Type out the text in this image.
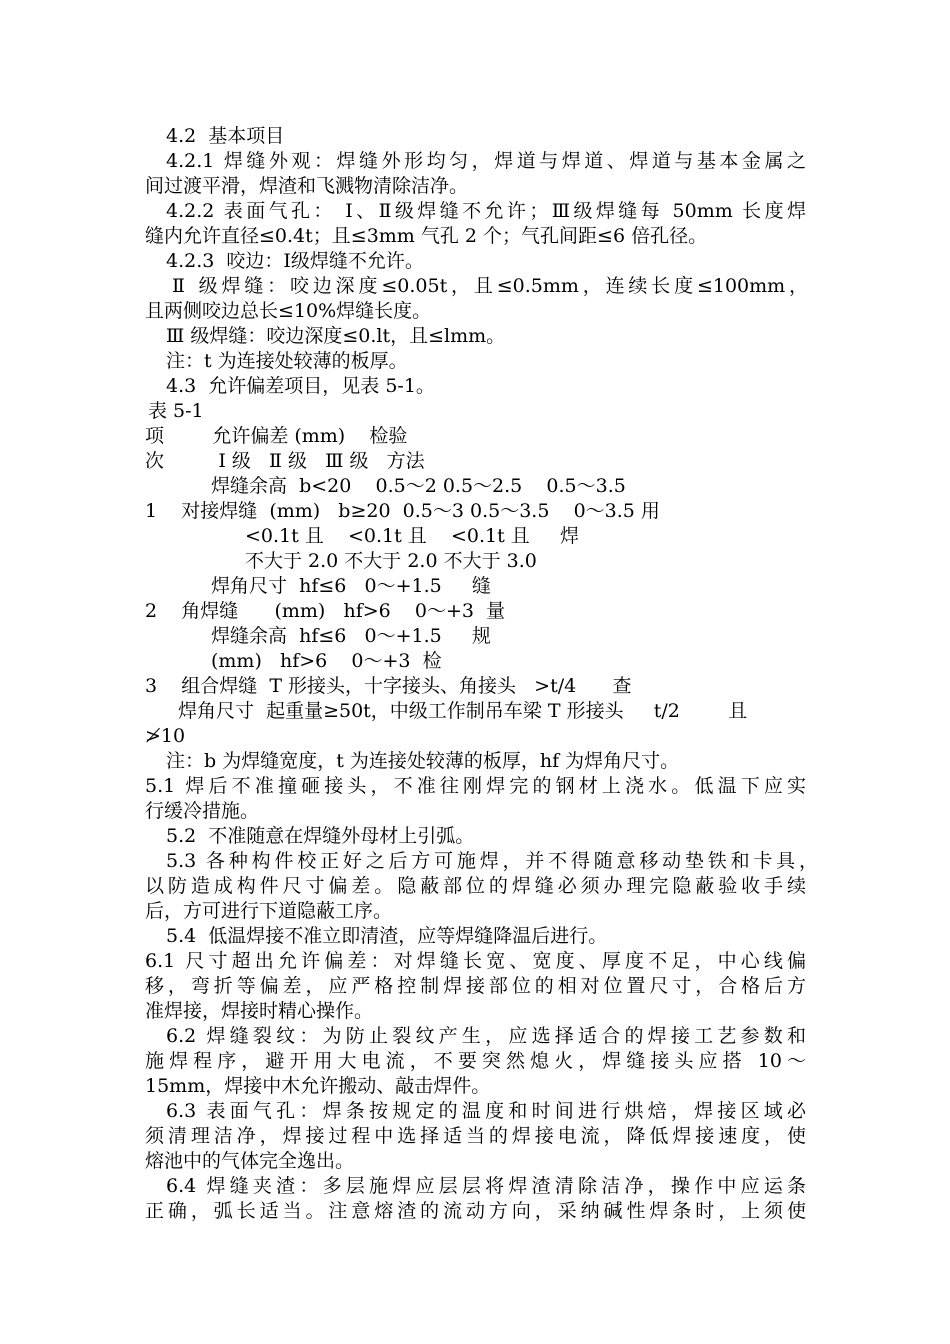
4.2  基本项目

4.2.1 焊缝外观：焊缝外形均匀，焊道与焊道、焊道与基本金属之

间过渡平滑，焊渣和飞溅物清除洁净。

4.2.2 表面气孔： Ⅰ、Ⅱ级焊缝不允许；Ⅲ级焊缝每 50mm 长度焊

缝内允许直径≤0.4t；且≤3mm 气孔 2 个；气孔间距≤6 倍孔径。

4.2.3  咬边：Ⅰ级焊缝不允许。

Ⅱ 级焊缝：咬边深度≤0.05t，且≤0.5mm，连续长度≤100mm，

且两侧咬边总长≤10%焊缝长度。

Ⅲ 级焊缝：咬边深度≤0.lt，且≤lmm。

注：t 为连接处较薄的板厚。

4.3  允许偏差项目，见表 5-1。

表 5-1

项        允许偏差 (mm)    检验

次         Ⅰ 级   Ⅱ 级   Ⅲ 级   方法

焊缝余高  b<20    0.5～2 0.5～2.5    0.5～3.5

1    对接焊缝  (mm)   b≥20  0.5～3 0.5～3.5    0～3.5 用

<0.1t 且    <0.1t 且    <0.1t 且     焊

不大于 2.0 不大于 2.0 不大于 3.0

焊角尺寸  hf≤6   0～+1.5     缝

2    角焊缝      (mm)   hf>6    0～+3  量

焊缝余高  hf≤6   0～+1.5     规

(mm)   hf>6    0～+3  检

3    组合焊缝  T 形接头，十字接头、角接头   >t/4      查

焊角尺寸  起重量≥50t，中级工作制吊车梁 T 形接头     t/2        且

≯10

注：b 为焊缝宽度，t 为连接处较薄的板厚，hf 为焊角尺寸。

5.1 焊后不准撞砸接头，不准往刚焊完的钢材上浇水。低温下应实

行缓冷措施。

5.2  不准随意在焊缝外母材上引弧。

5.3 各种构件校正好之后方可施焊，并不得随意移动垫铁和卡具，

以防造成构件尺寸偏差。隐蔽部位的焊缝必须办理完隐蔽验收手续

后，方可进行下道隐蔽工序。

5.4  低温焊接不准立即清渣，应等焊缝降温后进行。

6.1 尺寸超出允许偏差：对焊缝长宽、宽度、厚度不足，中心线偏

移，弯折等偏差，应严格控制焊接部位的相对位置尺寸，合格后方

准焊接，焊接时精心操作。

6.2 焊缝裂纹：为防止裂纹产生，应选择适合的焊接工艺参数和

施焊程序，避开用大电流，不要突然熄火，焊缝接头应搭 10～

15mm，焊接中木允许搬动、敲击焊件。

6.3 表面气孔：焊条按规定的温度和时间进行烘焙，焊接区域必

须清理洁净，焊接过程中选择适当的焊接电流，降低焊接速度，使

熔池中的气体完全逸出。

6.4 焊缝夹渣：多层施焊应层层将焊渣清除洁净，操作中应运条

正确，弧长适当。注意熔渣的流动方向，采纳碱性焊条时，上须使
